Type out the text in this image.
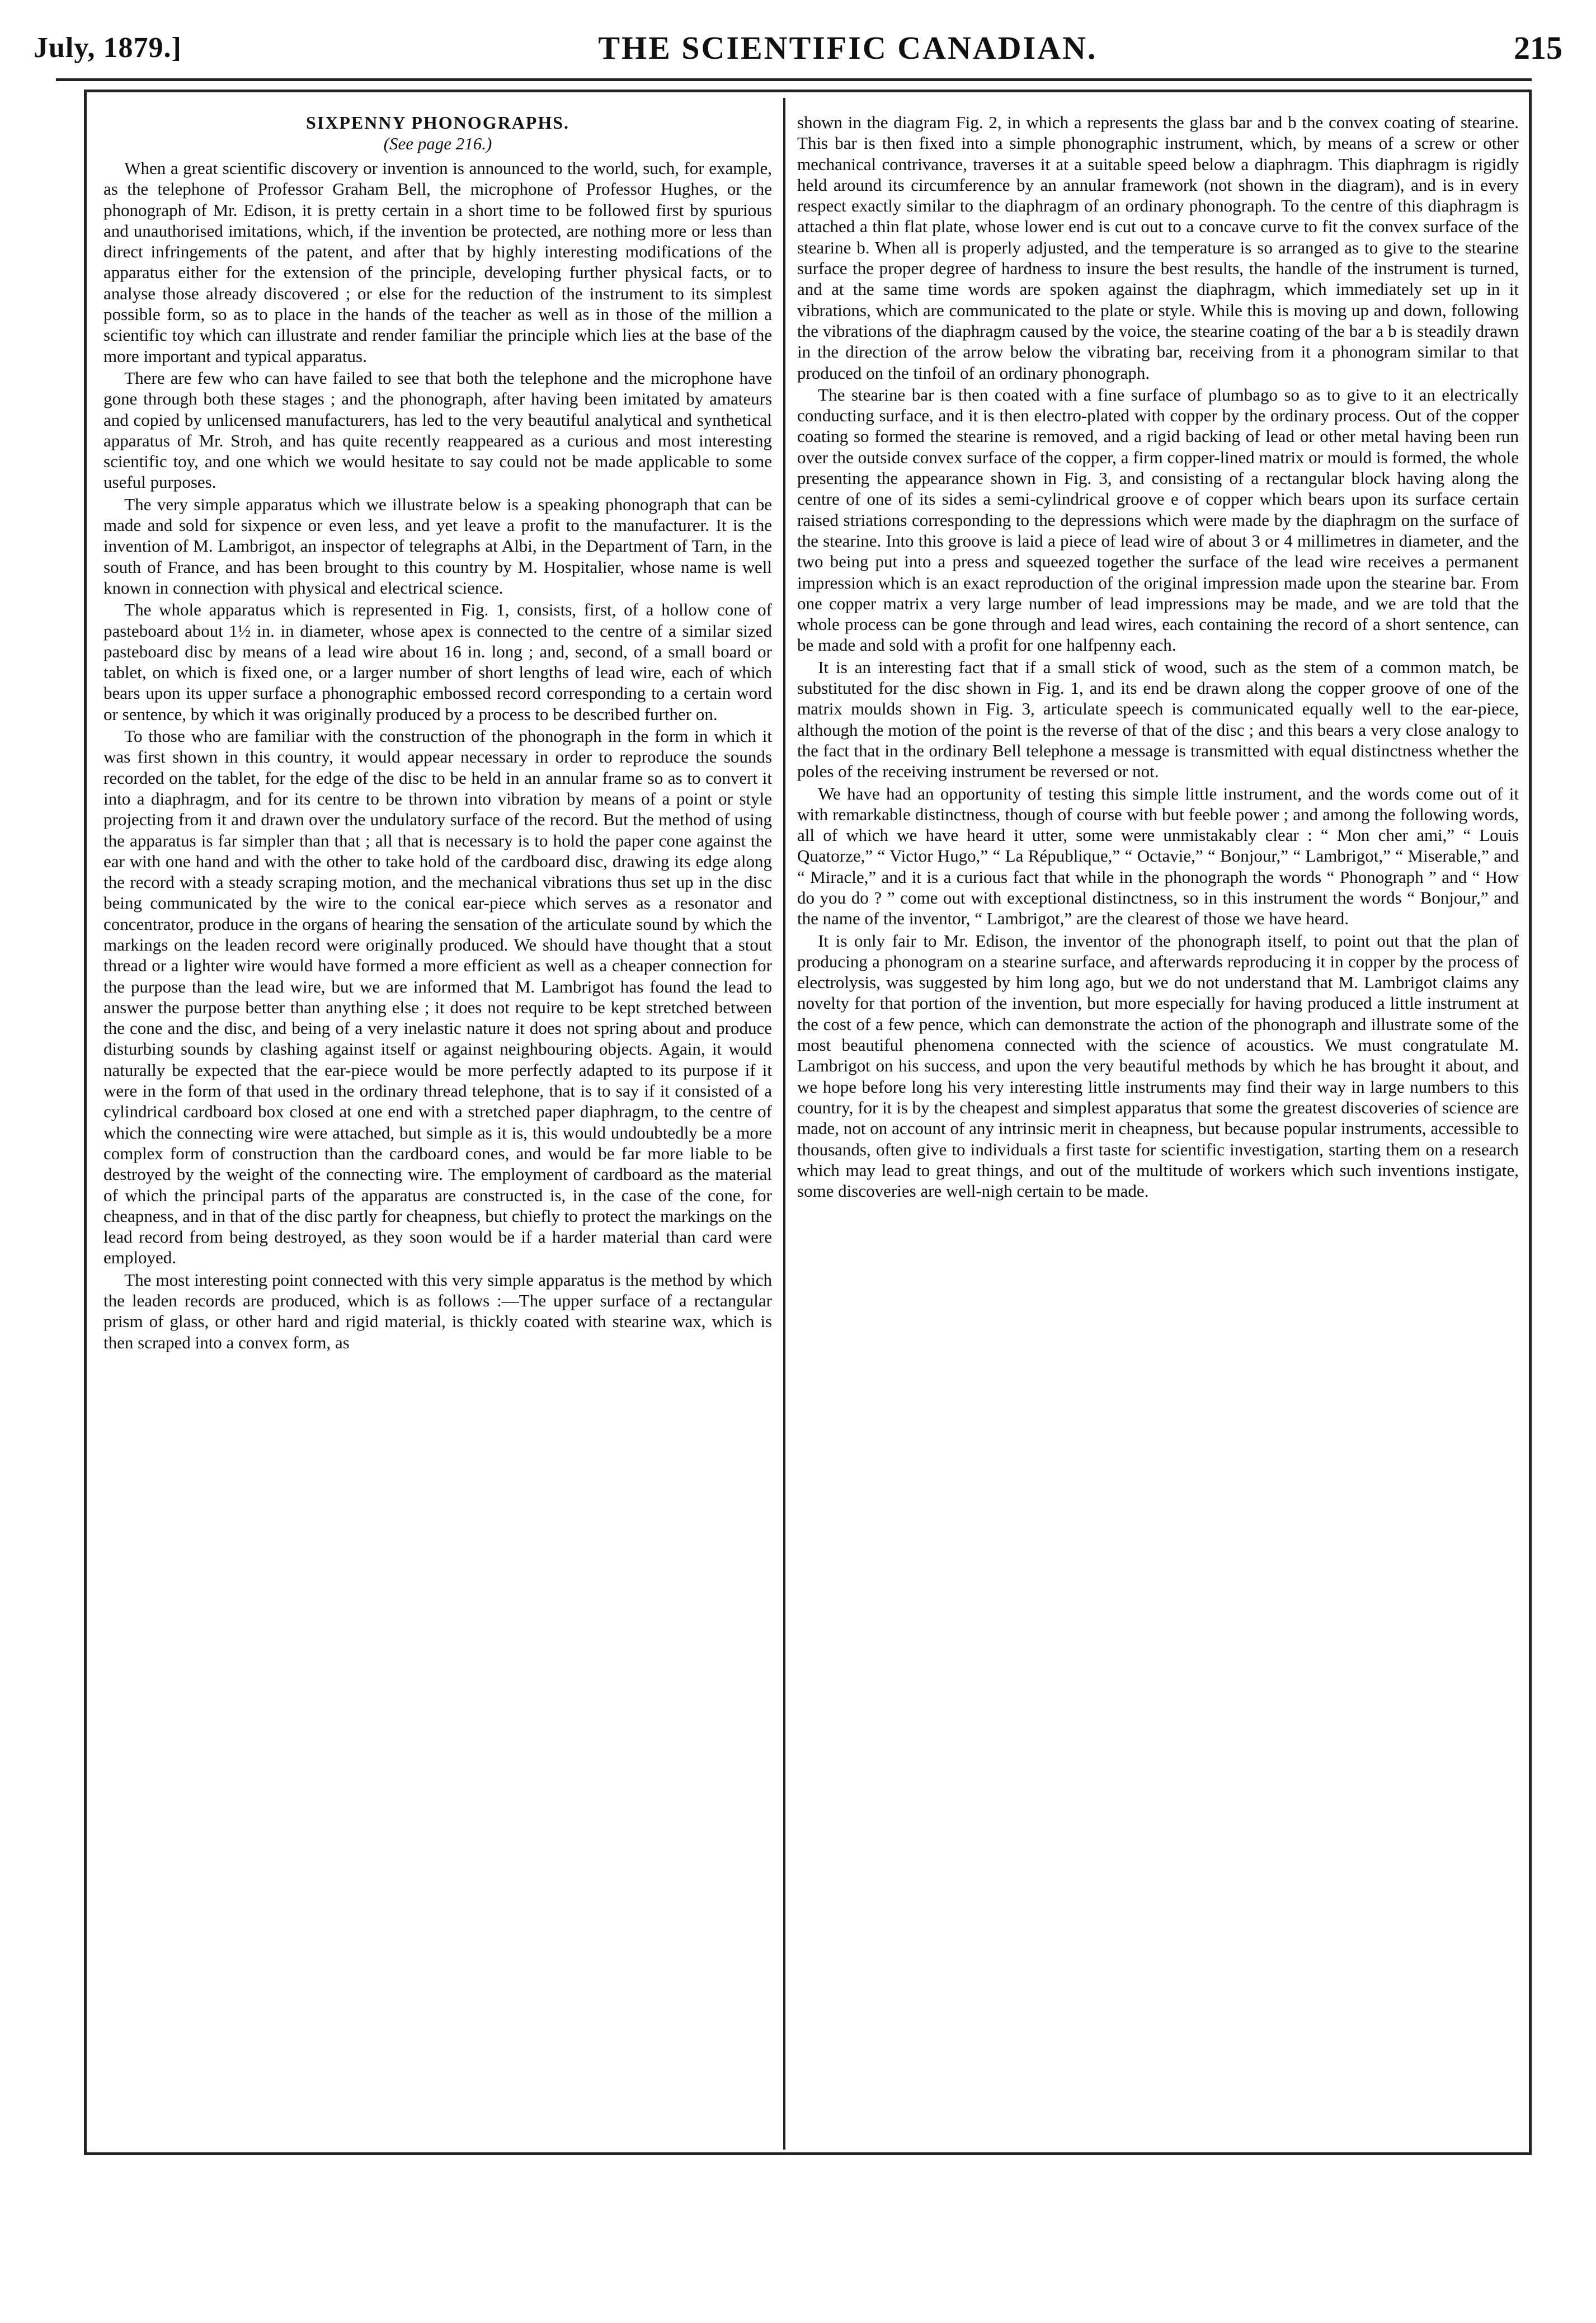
July, 1879.]	THE SCIENTIFIC CANADIAN.	215
SIXPENNY PHONOGRAPHS.
(See page 216.)

When a great scientific discovery or invention is announced to the world, such, for example, as the telephone of Professor Graham Bell, the microphone of Professor Hughes, or the phonograph of Mr. Edison, it is pretty certain in a short time to be followed first by spurious and unauthorised imitations, which, if the invention be protected, are nothing more or less than direct infringements of the patent, and after that by highly interesting modifications of the apparatus either for the extension of the principle, developing further physical facts, or to analyse those already discovered ; or else for the reduction of the instrument to its simplest possible form, so as to place in the hands of the teacher as well as in those of the million a scientific toy which can illustrate and render familiar the principle which lies at the base of the more important and typical apparatus.

There are few who can have failed to see that both the telephone and the microphone have gone through both these stages ; and the phonograph, after having been imitated by amateurs and copied by unlicensed manufacturers, has led to the very beautiful analytical and synthetical apparatus of Mr. Stroh, and has quite recently reappeared as a curious and most interesting scientific toy, and one which we would hesitate to say could not be made applicable to some useful purposes.

The very simple apparatus which we illustrate below is a speaking phonograph that can be made and sold for sixpence or even less, and yet leave a profit to the manufacturer. It is the invention of M. Lambrigot, an inspector of telegraphs at Albi, in the Department of Tarn, in the south of France, and has been brought to this country by M. Hospitalier, whose name is well known in connection with physical and electrical science.

The whole apparatus which is represented in Fig. 1, consists, first, of a hollow cone of pasteboard about 1½ in. in diameter, whose apex is connected to the centre of a similar sized pasteboard disc by means of a lead wire about 16 in. long ; and, second, of a small board or tablet, on which is fixed one, or a larger number of short lengths of lead wire, each of which bears upon its upper surface a phonographic embossed record corresponding to a certain word or sentence, by which it was originally produced by a process to be described further on.

To those who are familiar with the construction of the phonograph in the form in which it was first shown in this country, it would appear necessary in order to reproduce the sounds recorded on the tablet, for the edge of the disc to be held in an annular frame so as to convert it into a diaphragm, and for its centre to be thrown into vibration by means of a point or style projecting from it and drawn over the undulatory surface of the record. But the method of using the apparatus is far simpler than that ; all that is necessary is to hold the paper cone against the ear with one hand and with the other to take hold of the cardboard disc, drawing its edge along the record with a steady scraping motion, and the mechanical vibrations thus set up in the disc being communicated by the wire to the conical ear-piece which serves as a resonator and concentrator, produce in the organs of hearing the sensation of the articulate sound by which the markings on the leaden record were originally produced. We should have thought that a stout thread or a lighter wire would have formed a more efficient as well as a cheaper connection for the purpose than the lead wire, but we are informed that M. Lambrigot has found the lead to answer the purpose better than anything else ; it does not require to be kept stretched between the cone and the disc, and being of a very inelastic nature it does not spring about and produce disturbing sounds by clashing against itself or against neighbouring objects. Again, it would naturally be expected that the ear-piece would be more perfectly adapted to its purpose if it were in the form of that used in the ordinary thread telephone, that is to say if it consisted of a cylindrical cardboard box closed at one end with a stretched paper diaphragm, to the centre of which the connecting wire were attached, but simple as it is, this would undoubtedly be a more complex form of construction than the cardboard cones, and would be far more liable to be destroyed by the weight of the connecting wire. The employment of cardboard as the material of which the principal parts of the apparatus are constructed is, in the case of the cone, for cheapness, and in that of the disc partly for cheapness, but chiefly to protect the markings on the lead record from being destroyed, as they soon would be if a harder material than card were employed.

The most interesting point connected with this very simple apparatus is the method by which the leaden records are produced, which is as follows :—The upper surface of a rectangular prism of glass, or other hard and rigid material, is thickly coated with stearine wax, which is then scraped into a convex form, as

shown in the diagram Fig. 2, in which a represents the glass bar and b the convex coating of stearine. This bar is then fixed into a simple phonographic instrument, which, by means of a screw or other mechanical contrivance, traverses it at a suitable speed below a diaphragm. This diaphragm is rigidly held around its circumference by an annular framework (not shown in the diagram), and is in every respect exactly similar to the diaphragm of an ordinary phonograph. To the centre of this diaphragm is attached a thin flat plate, whose lower end is cut out to a concave curve to fit the convex surface of the stearine b. When all is properly adjusted, and the temperature is so arranged as to give to the stearine surface the proper degree of hardness to insure the best results, the handle of the instrument is turned, and at the same time words are spoken against the diaphragm, which immediately set up in it vibrations, which are communicated to the plate or style. While this is moving up and down, following the vibrations of the diaphragm caused by the voice, the stearine coating of the bar a b is steadily drawn in the direction of the arrow below the vibrating bar, receiving from it a phonogram similar to that produced on the tinfoil of an ordinary phonograph.

The stearine bar is then coated with a fine surface of plumbago so as to give to it an electrically conducting surface, and it is then electro-plated with copper by the ordinary process. Out of the copper coating so formed the stearine is removed, and a rigid backing of lead or other metal having been run over the outside convex surface of the copper, a firm copper-lined matrix or mould is formed, the whole presenting the appearance shown in Fig. 3, and consisting of a rectangular block having along the centre of one of its sides a semi-cylindrical groove e of copper which bears upon its surface certain raised striations corresponding to the depressions which were made by the diaphragm on the surface of the stearine. Into this groove is laid a piece of lead wire of about 3 or 4 millimetres in diameter, and the two being put into a press and squeezed together the surface of the lead wire receives a permanent impression which is an exact reproduction of the original impression made upon the stearine bar. From one copper matrix a very large number of lead impressions may be made, and we are told that the whole process can be gone through and lead wires, each containing the record of a short sentence, can be made and sold with a profit for one halfpenny each.

It is an interesting fact that if a small stick of wood, such as the stem of a common match, be substituted for the disc shown in Fig. 1, and its end be drawn along the copper groove of one of the matrix moulds shown in Fig. 3, articulate speech is communicated equally well to the ear-piece, although the motion of the point is the reverse of that of the disc ; and this bears a very close analogy to the fact that in the ordinary Bell telephone a message is transmitted with equal distinctness whether the poles of the receiving instrument be reversed or not.

We have had an opportunity of testing this simple little instrument, and the words come out of it with remarkable distinctness, though of course with but feeble power ; and among the following words, all of which we have heard it utter, some were unmistakably clear : “ Mon cher ami,” “ Louis Quatorze,” “ Victor Hugo,” “ La République,” “ Octavie,” “ Bonjour,” “ Lambrigot,” “ Miserable,” and “ Miracle,” and it is a curious fact that while in the phonograph the words “ Phonograph ” and “ How do you do ? ” come out with exceptional distinctness, so in this instrument the words “ Bonjour,” and the name of the inventor, “ Lambrigot,” are the clearest of those we have heard.

It is only fair to Mr. Edison, the inventor of the phonograph itself, to point out that the plan of producing a phonogram on a stearine surface, and afterwards reproducing it in copper by the process of electrolysis, was suggested by him long ago, but we do not understand that M. Lambrigot claims any novelty for that portion of the invention, but more especially for having produced a little instrument at the cost of a few pence, which can demonstrate the action of the phonograph and illustrate some of the most beautiful phenomena connected with the science of acoustics. We must congratulate M. Lambrigot on his success, and upon the very beautiful methods by which he has brought it about, and we hope before long his very interesting little instruments may find their way in large numbers to this country, for it is by the cheapest and simplest apparatus that some the greatest discoveries of science are made, not on account of any intrinsic merit in cheapness, but because popular instruments, accessible to thousands, often give to individuals a first taste for scientific investigation, starting them on a research which may lead to great things, and out of the multitude of workers which such inventions instigate, some discoveries are well-nigh certain to be made.
